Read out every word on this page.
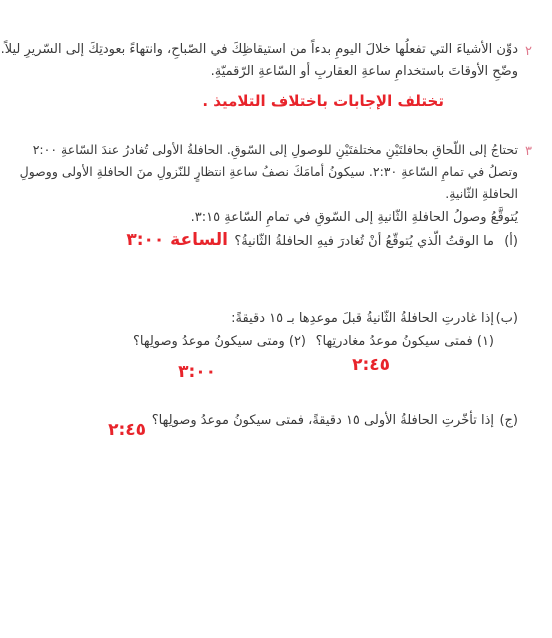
٢
دوِّن الأشياءَ التي تفعلُها خلالَ اليومِ بدءاً من استيقاظِكَ في الصّباحِ، وانتهاءً بعودتِكَ إلى السّريرِ ليلاً.
وضّحِ الأوقاتَ باستخدامِ ساعةِ العقاربِ أو السّاعةِ الرّقميّةِ.
تختلف الإجابات باختلاف التلاميذ .
٣
تحتاجُ إلى اللّحاقِ بحافلتَيْنِ مختلفتَيْنِ للوصولِ إلى السّوقِ. الحافلةُ الأولى تُغادرُ عندَ السّاعةِ ٢:٠٠
وتصلُ في تمامِ السّاعةِ ٢:٣٠. سيكونُ أمامَكَ نصفُ ساعةِ انتظارٍ للنّزولِ منَ الحافلةِ الأولى ووصولِ
الحافلةِ الثّانيةِ.
يُتوقَّعُ وصولُ الحافلةِ الثّانيةِ إلى السّوقِ في تمامِ السّاعةِ ٣:١٥.
(أ)
ما الوقتُ الّذي يُتوقّعُ أنْ تُغادرَ فيهِ الحافلةُ الثّانيةُ؟
الساعة ٣:٠٠
(ب)
إذا غادرتِ الحافلةُ الثّانيةُ قبلَ موعدِها بـ ١٥ دقيقةً:
(١) فمتى سيكونُ موعدُ مغادرتِها؟
(٢) ومتى سيكونُ موعدُ وصولِها؟
٢:٤٥
٣:٠٠
(ج)
إذا تأخّرتِ الحافلةُ الأولى ١٥ دقيقةً، فمتى سيكونُ موعدُ وصولِها؟
٢:٤٥
